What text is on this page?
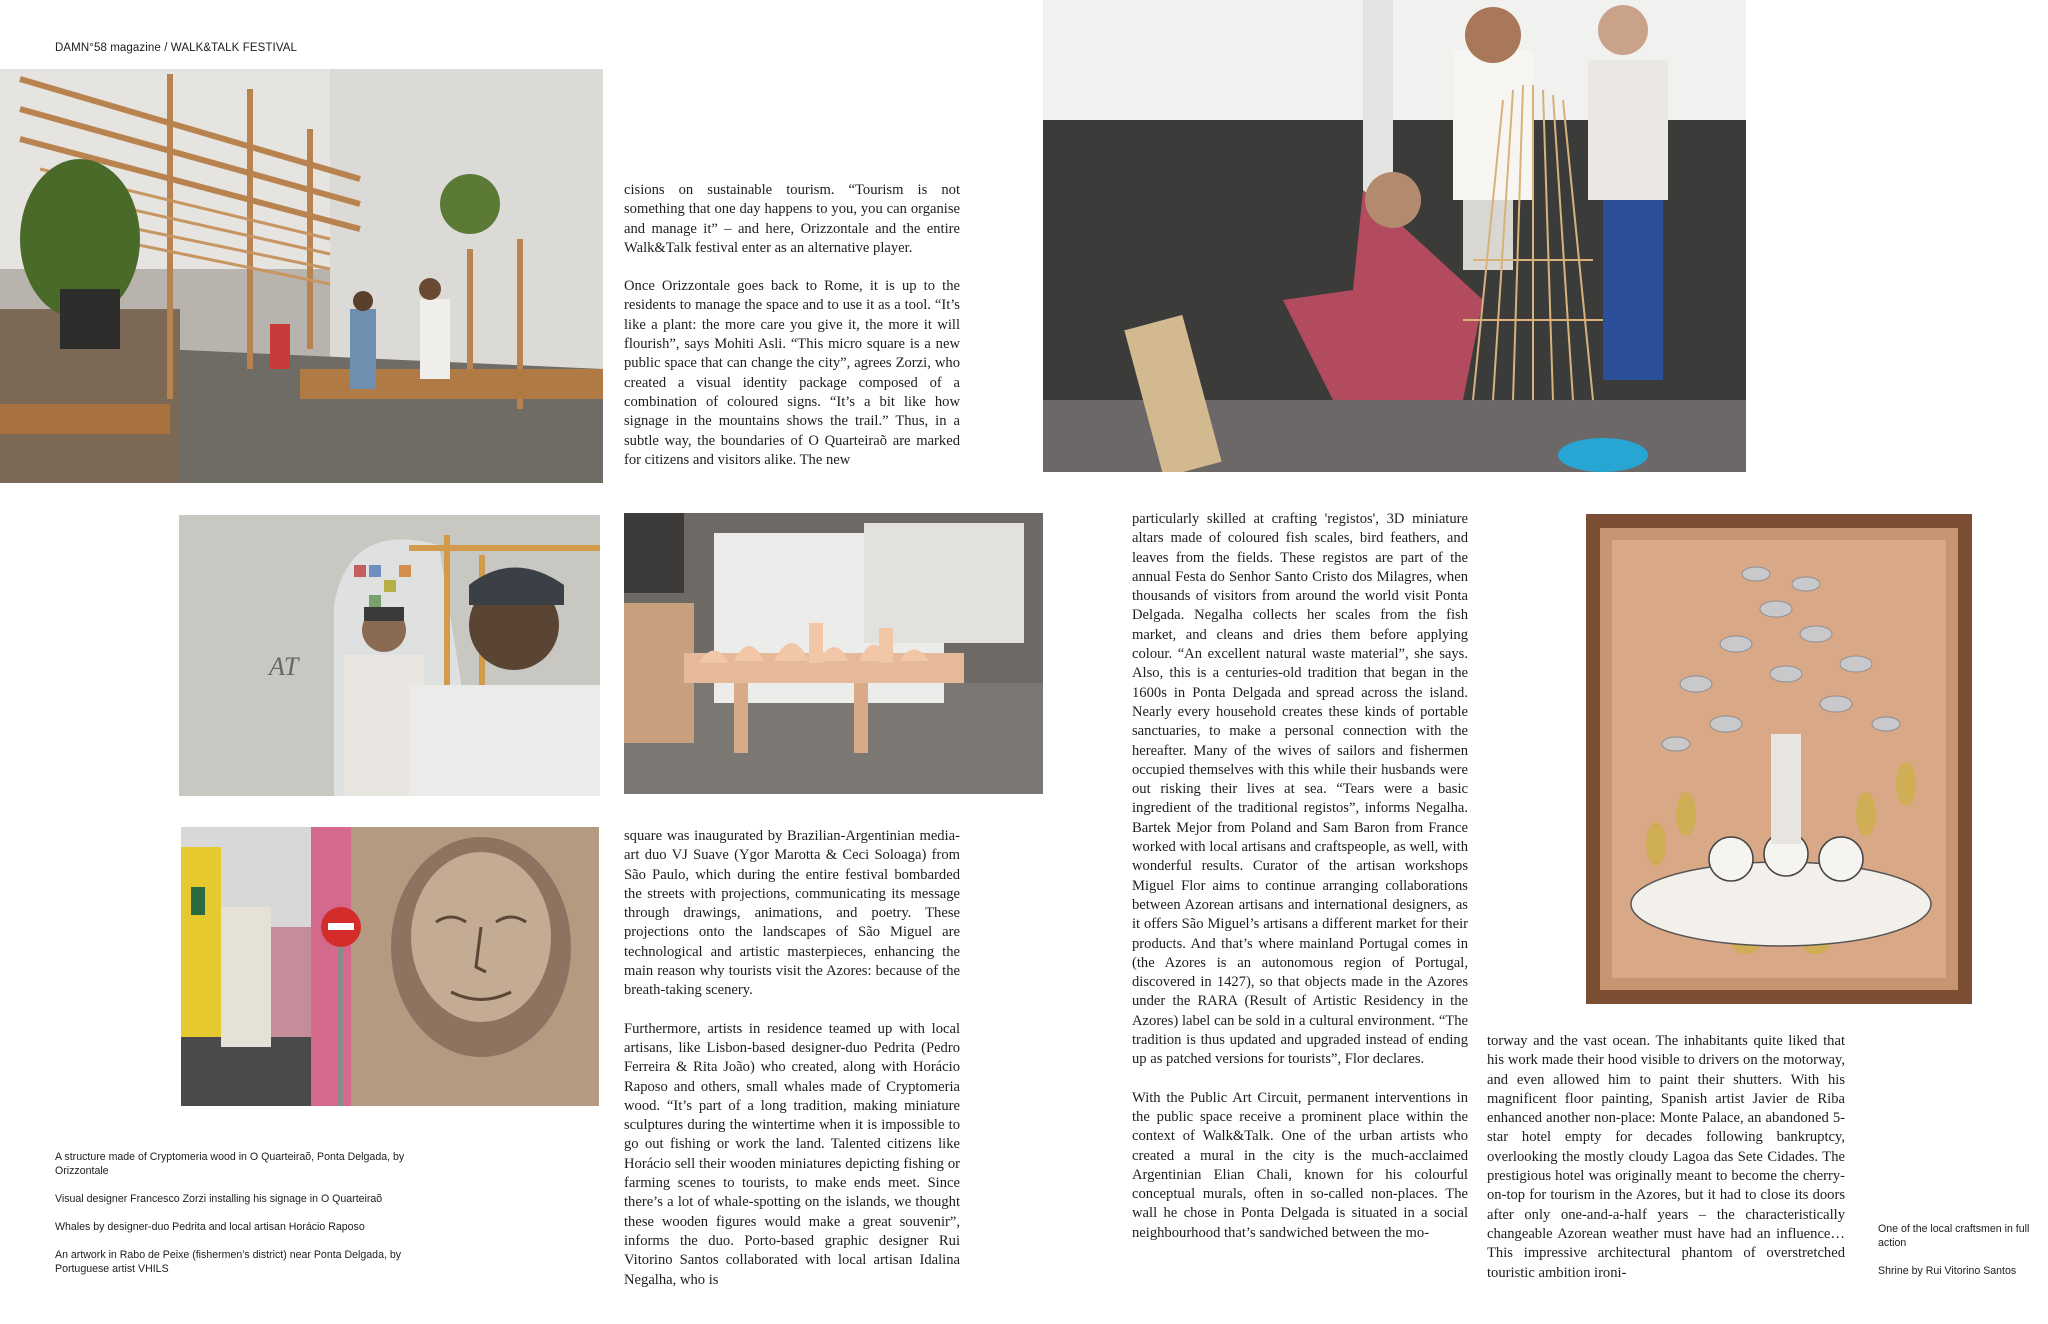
DAMN°58 magazine / WALK&TALK FESTIVAL
AT

cisions on sustainable tourism. “Tourism is not something that one day happens to you, you can organise and manage it” – and here, Orizzontale and the entire Walk&Talk festival enter as an alternative player.

Once Orizzontale goes back to Rome, it is up to the residents to manage the space and to use it as a tool. “It’s like a plant: the more care you give it, the more it will flourish”, says Mohiti Asli. “This micro square is a new public space that can change the city”, agrees Zorzi, who created a visual identity package composed of a combination of coloured signs. “It’s a bit like how signage in the mountains shows the trail.” Thus, in a subtle way, the boundaries of O Quarteiraõ are marked for citizens and visitors alike. The new

square was inaugurated by Brazilian-Argentinian media-art duo VJ Suave (Ygor Marotta & Ceci Soloaga) from São Paulo, which during the entire festival bombarded the streets with projections, communicating its message through drawings, animations, and poetry. These projections onto the landscapes of São Miguel are technological and artistic masterpieces, enhancing the main reason why tourists visit the Azores: because of the breath-taking scenery.

Furthermore, artists in residence teamed up with local artisans, like Lisbon-based designer-duo Pedrita (Pedro Ferreira & Rita João) who created, along with Horácio Raposo and others, small whales made of Cryptomeria wood. “It’s part of a long tradition, making miniature sculptures during the wintertime when it is impossible to go out fishing or work the land. Talented citizens like Horácio sell their wooden miniatures depicting fishing or farming scenes to tourists, to make ends meet. Since there’s a lot of whale-spotting on the islands, we thought these wooden figures would make a great souvenir”, informs the duo. Porto-based graphic designer Rui Vitorino Santos collaborated with local artisan Idalina Negalha, who is

particularly skilled at crafting 'registos', 3D miniature altars made of coloured fish scales, bird feathers, and leaves from the fields. These registos are part of the annual Festa do Senhor Santo Cristo dos Milagres, when thousands of visitors from around the world visit Ponta Delgada. Negalha collects her scales from the fish market, and cleans and dries them before applying colour. “An excellent natural waste material”, she says. Also, this is a centuries-old tradition that began in the 1600s in Ponta Delgada and spread across the island. Nearly every household creates these kinds of portable sanctuaries, to make a personal connection with the hereafter. Many of the wives of sailors and fishermen occupied themselves with this while their husbands were out risking their lives at sea. “Tears were a basic ingredient of the traditional registos”, informs Negalha. Bartek Mejor from Poland and Sam Baron from France worked with local artisans and craftspeople, as well, with wonderful results. Curator of the artisan workshops Miguel Flor aims to continue arranging collaborations between Azorean artisans and international designers, as it offers São Miguel’s artisans a different market for their products. And that’s where mainland Portugal comes in (the Azores is an autonomous region of Portugal, discovered in 1427), so that objects made in the Azores under the RARA (Result of Artistic Residency in the Azores) label can be sold in a cultural environment. “The tradition is thus updated and upgraded instead of ending up as patched versions for tourists”, Flor declares.

With the Public Art Circuit, permanent interventions in the public space receive a prominent place within the context of Walk&Talk. One of the urban artists who created a mural in the city is the much-acclaimed Argentinian Elian Chali, known for his colourful conceptual murals, often in so-called non-places. The wall he chose in Ponta Delgada is situated in a social neighbourhood that’s sandwiched between the mo-

torway and the vast ocean. The inhabitants quite liked that his work made their hood visible to drivers on the motorway, and even allowed him to paint their shutters. With his magnificent floor painting, Spanish artist Javier de Riba enhanced another non-place: Monte Palace, an abandoned 5-star hotel empty for decades following bankruptcy, overlooking the mostly cloudy Lagoa das Sete Cidades. The prestigious hotel was originally meant to become the cherry-on-top for tourism in the Azores, but it had to close its doors after only one-and-a-half years – the characteristically changeable Azorean weather must have had an influence… This impressive architectural phantom of overstretched touristic ambition ironi-

A structure made of Cryptomeria wood in O Quarteiraõ, Ponta Delgada, by Orizzontale

Visual designer Francesco Zorzi installing his signage in O Quarteiraõ

Whales by designer-duo Pedrita and local artisan Horácio Raposo

An artwork in Rabo de Peixe (fishermen’s district) near Ponta Delgada, by Portuguese artist VHILS

One of the local craftsmen in full action

Shrine by Rui Vitorino Santos
